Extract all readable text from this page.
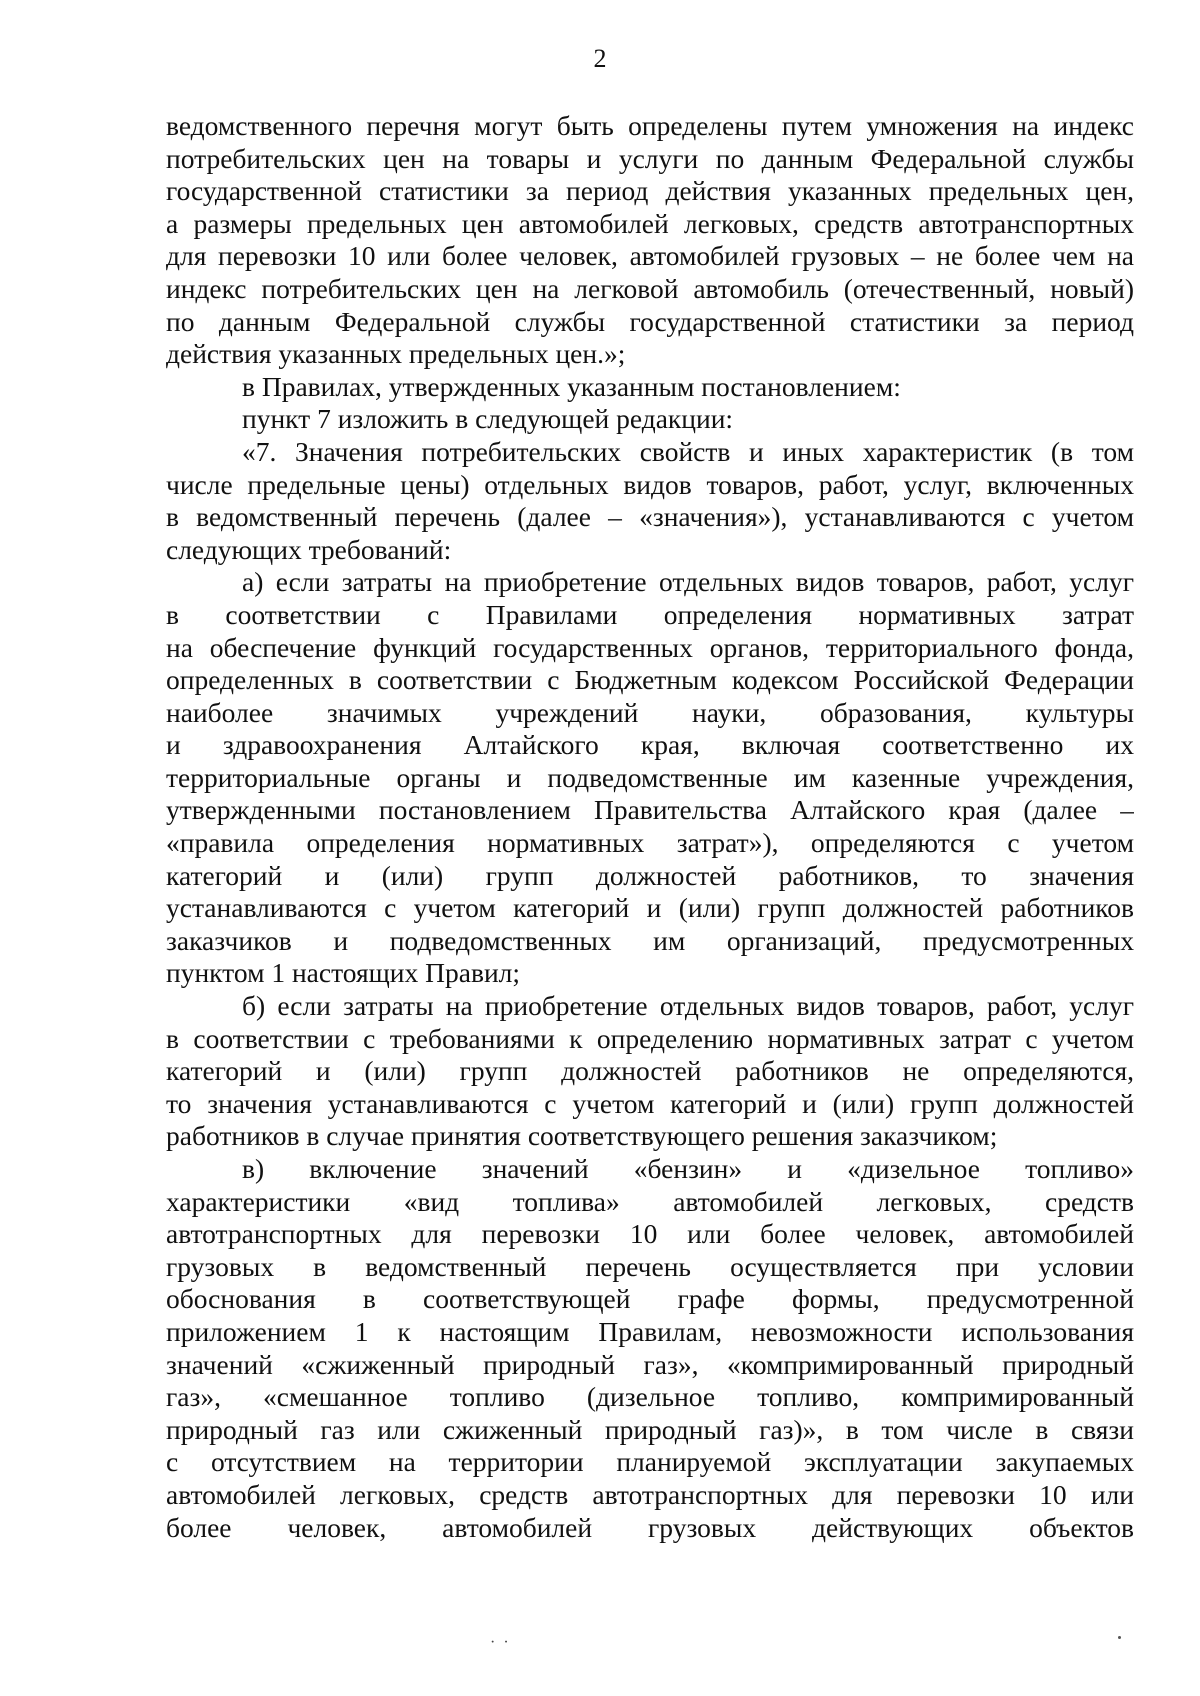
2
ведомственного перечня могут быть определены путем умножения на индекс
потребительских цен на товары и услуги по данным Федеральной службы
государственной статистики за период действия указанных предельных цен,
а размеры предельных цен автомобилей легковых, средств автотранспортных
для перевозки 10 или более человек, автомобилей грузовых – не более чем на
индекс потребительских цен на легковой автомобиль (отечественный, новый)
по данным Федеральной службы государственной статистики за период
действия указанных предельных цен.»;
в Правилах, утвержденных указанным постановлением:
пункт 7 изложить в следующей редакции:
«7. Значения потребительских свойств и иных характеристик (в том
числе предельные цены) отдельных видов товаров, работ, услуг, включенных
в ведомственный перечень (далее – «значения»), устанавливаются с учетом
следующих требований:
а) если затраты на приобретение отдельных видов товаров, работ, услуг
в соответствии с Правилами определения нормативных затрат
на обеспечение функций государственных органов, территориального фонда,
определенных в соответствии с Бюджетным кодексом Российской Федерации
наиболее значимых учреждений науки, образования, культуры
и здравоохранения Алтайского края, включая соответственно их
территориальные органы и подведомственные им казенные учреждения,
утвержденными постановлением Правительства Алтайского края (далее –
«правила определения нормативных затрат»), определяются с учетом
категорий и (или) групп должностей работников, то значения
устанавливаются с учетом категорий и (или) групп должностей работников
заказчиков и подведомственных им организаций, предусмотренных
пунктом 1 настоящих Правил;
б) если затраты на приобретение отдельных видов товаров, работ, услуг
в соответствии с требованиями к определению нормативных затрат с учетом
категорий и (или) групп должностей работников не определяются,
то значения устанавливаются с учетом категорий и (или) групп должностей
работников в случае принятия соответствующего решения заказчиком;
в) включение значений «бензин» и «дизельное топливо»
характеристики «вид топлива» автомобилей легковых, средств
автотранспортных для перевозки 10 или более человек, автомобилей
грузовых в ведомственный перечень осуществляется при условии
обоснования в соответствующей графе формы, предусмотренной
приложением 1 к настоящим Правилам, невозможности использования
значений «сжиженный природный газ», «компримированный природный
газ», «смешанное топливо (дизельное топливо, компримированный
природный газ или сжиженный природный газ)», в том числе в связи
с отсутствием на территории планируемой эксплуатации закупаемых
автомобилей легковых, средств автотранспортных для перевозки 10 или
более человек, автомобилей грузовых действующих объектов
· ·
